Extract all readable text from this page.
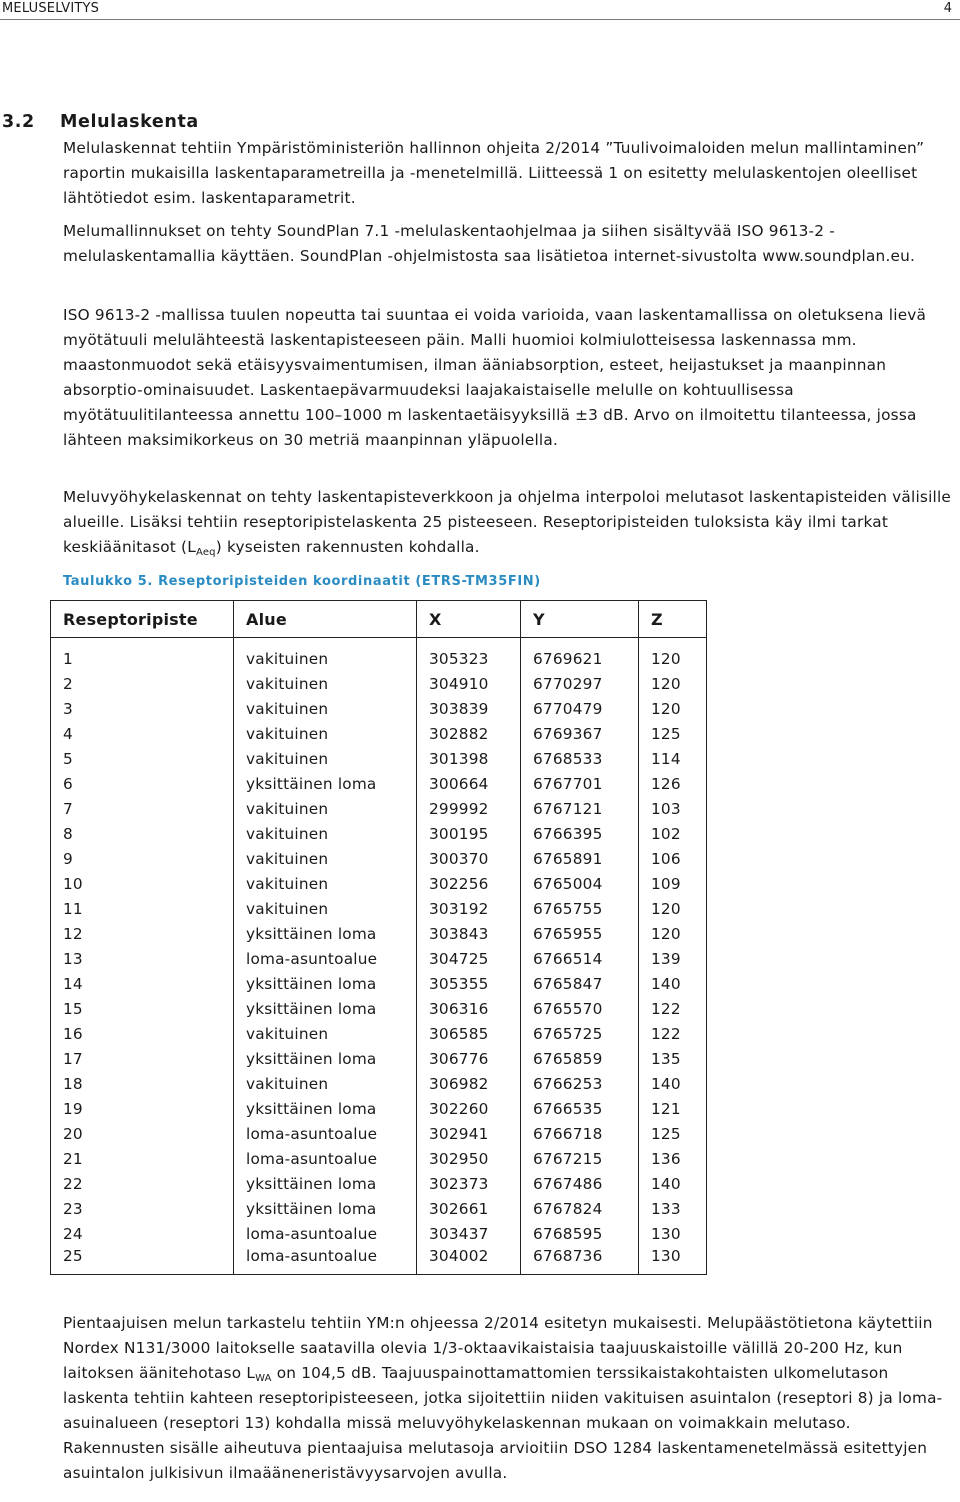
MELUSELVITYS	4
3.2 Melulaskenta

Melulaskennat tehtiin Ympäristöministeriön hallinnon ohjeita 2/2014 ”Tuulivoimaloiden melun mallintaminen” raportin mukaisilla laskentaparametreilla ja -menetelmillä. Liitteessä 1 on esitetty melulaskentojen oleelliset lähtötiedot esim. laskentaparametrit.

Melumallinnukset on tehty SoundPlan 7.1 -melulaskentaohjelmaa ja siihen sisältyvää ISO 9613-2 -melulaskentamallia käyttäen. SoundPlan -ohjelmistosta saa lisätietoa internet-sivustolta www.soundplan.eu.

ISO 9613-2 -mallissa tuulen nopeutta tai suuntaa ei voida varioida, vaan laskentamallissa on oletuksena lievä myötätuuli melulähteestä laskentapisteeseen päin. Malli huomioi kolmiulotteisessa laskennassa mm. maastonmuodot sekä etäisyysvaimentumisen, ilman ääniabsorption, esteet, heijastukset ja maanpinnan absorptio-ominaisuudet. Laskentaepävarmuudeksi laajakaistaiselle melulle on kohtuullisessa myötätuulitilanteessa annettu 100–1000 m laskentaetäisyyksillä ±3 dB. Arvo on ilmoitettu tilanteessa, jossa lähteen maksimikorkeus on 30 metriä maanpinnan yläpuolella.

Meluvyöhykelaskennat on tehty laskentapisteverkkoon ja ohjelma interpoloi melutasot laskentapisteiden välisille alueille. Lisäksi tehtiin reseptoripistelaskenta 25 pisteeseen. Reseptoripisteiden tuloksista käy ilmi tarkat keskiäänitasot $(L_{Aeq})$ kyseisten rakennusten kohdalla.

Taulukko 5. Reseptoripisteiden koordinaatit (ETRS-TM35FIN)
Reseptoripiste	Alue	X	Y	Z

1	vakituinen	305323	6769621	120
2	vakituinen	304910	6770297	120
3	vakituinen	303839	6770479	120
4	vakituinen	302882	6769367	125
5	vakituinen	301398	6768533	114
6	yksittäinen loma	300664	6767701	126
7	vakituinen	299992	6767121	103
8	vakituinen	300195	6766395	102
9	vakituinen	300370	6765891	106
10	vakituinen	302256	6765004	109
11	vakituinen	303192	6765755	120
12	yksittäinen loma	303843	6765955	120
13	loma-asuntoalue	304725	6766514	139
14	yksittäinen loma	305355	6765847	140
15	yksittäinen loma	306316	6765570	122
16	vakituinen	306585	6765725	122
17	yksittäinen loma	306776	6765859	135
18	vakituinen	306982	6766253	140
19	yksittäinen loma	302260	6766535	121
20	loma-asuntoalue	302941	6766718	125
21	loma-asuntoalue	302950	6767215	136
22	yksittäinen loma	302373	6767486	140
23	yksittäinen loma	302661	6767824	133
24	loma-asuntoalue	303437	6768595	130
25	loma-asuntoalue	304002	6768736	130

Pientaajuisen melun tarkastelu tehtiin YM:n ohjeessa 2/2014 esitetyn mukaisesti. Melupäästötietona käytettiin Nordex N131/3000 laitokselle saatavilla olevia 1/3-oktaavikaistaisia taajuuskaistoille välillä 20-200 Hz, kun laitoksen äänitehotaso $L_{WA}$ on 104,5 dB. Taajuuspainottamattomien terssikaistakohtaisten ulkomelutason laskenta tehtiin kahteen reseptoripisteeseen, jotka sijoitettiin niiden vakituisen asuintalon (reseptori 8) ja loma-asuinalueen (reseptori 13) kohdalla missä meluvyöhykelaskennan mukaan on voimakkain melutaso. Rakennusten sisälle aiheutuva pientaajuisa melutasoja arvioitiin DSO 1284 laskentamenetelmässä esitettyjen asuintalon julkisivun ilmaääneneristävyysarvojen avulla.
